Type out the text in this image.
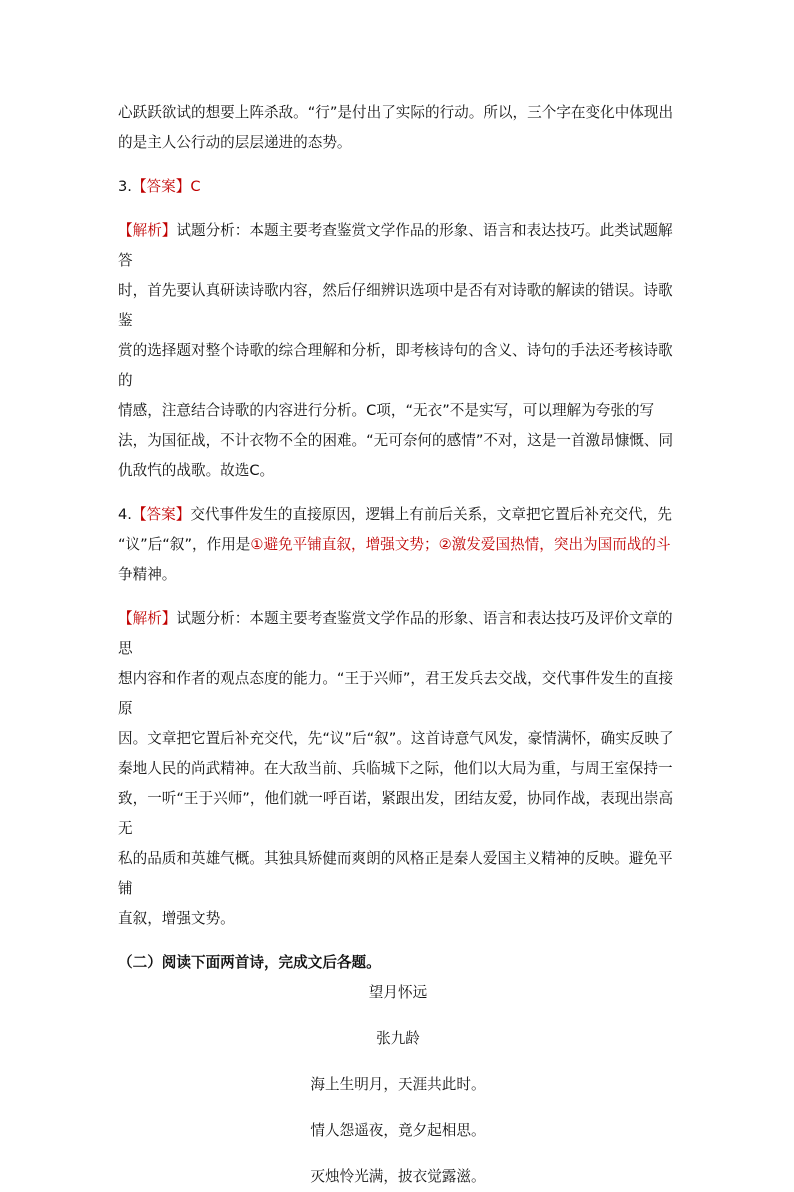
心跃跃欲试的想要上阵杀敌。“行”是付出了实际的行动。所以，三个字在变化中体现出
的是主人公行动的层层递进的态势。

3.【答案】C

【解析】试题分析：本题主要考查鉴赏文学作品的形象、语言和表达技巧。此类试题解答
时，首先要认真研读诗歌内容，然后仔细辨识选项中是否有对诗歌的解读的错误。诗歌鉴
赏的选择题对整个诗歌的综合理解和分析，即考核诗句的含义、诗句的手法还考核诗歌的
情感，注意结合诗歌的内容进行分析。C项，“无衣”不是实写，可以理解为夸张的写
法，为国征战，不计衣物不全的困难。“无可奈何的感情”不对，这是一首激昂慷慨、同
仇敌忾的战歌。故选C。

4.【答案】交代事件发生的直接原因，逻辑上有前后关系，文章把它置后补充交代，先
“议”后“叙”，作用是①避免平铺直叙，增强文势；②激发爱国热情，突出为国而战的斗
争精神。

【解析】试题分析：本题主要考查鉴赏文学作品的形象、语言和表达技巧及评价文章的思
想内容和作者的观点态度的能力。“王于兴师”，君王发兵去交战，交代事件发生的直接原
因。文章把它置后补充交代，先“议”后“叙”。这首诗意气风发，豪情满怀，确实反映了
秦地人民的尚武精神。在大敌当前、兵临城下之际，他们以大局为重，与周王室保持一
致，一听“王于兴师”，他们就一呼百诺，紧跟出发，团结友爱，协同作战，表现出崇高无
私的品质和英雄气概。其独具矫健而爽朗的风格正是秦人爱国主义精神的反映。避免平铺
直叙，增强文势。

（二）阅读下面两首诗，完成文后各题。

望月怀远

张九龄

海上生明月，天涯共此时。

情人怨遥夜，竟夕起相思。

灭烛怜光满，披衣觉露滋。
